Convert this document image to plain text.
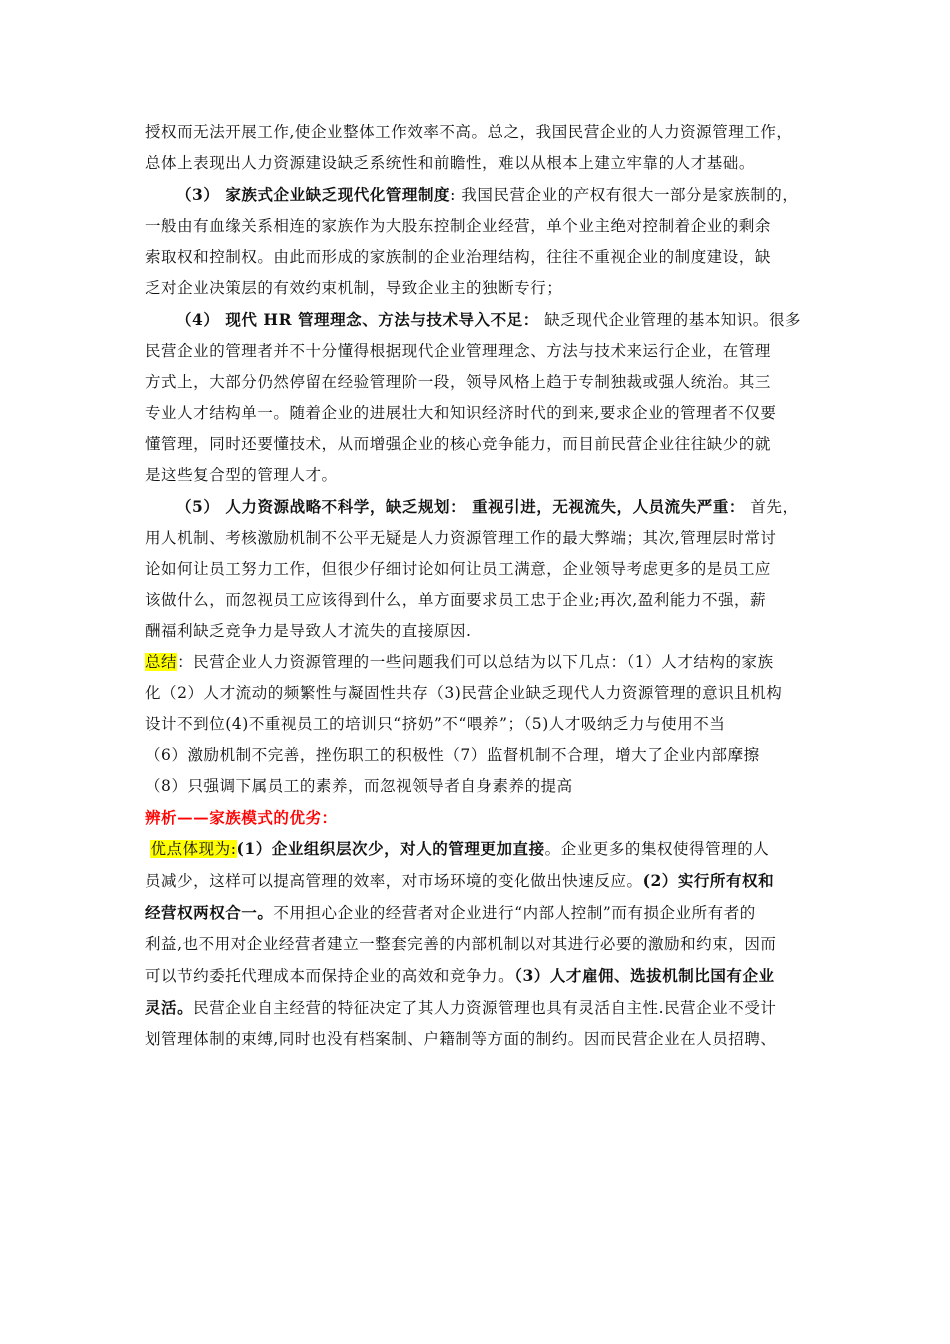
授权而无法开展工作,使企业整体工作效率不高。总之，我国民营企业的人力资源管理工作，
总体上表现出人力资源建设缺乏系统性和前瞻性，难以从根本上建立牢靠的人才基础。

（3） 家族式企业缺乏现代化管理制度: 我国民营企业的产权有很大一部分是家族制的，
一般由有血缘关系相连的家族作为大股东控制企业经营，单个业主绝对控制着企业的剩余
索取权和控制权。由此而形成的家族制的企业治理结构，往往不重视企业的制度建设，缺
乏对企业决策层的有效约束机制，导致企业主的独断专行；

（4） 现代 HR 管理理念、方法与技术导入不足： 缺乏现代企业管理的基本知识。很多
民营企业的管理者并不十分懂得根据现代企业管理理念、方法与技术来运行企业，在管理
方式上，大部分仍然停留在经验管理阶一段，领导风格上趋于专制独裁或强人统治。其三
专业人才结构单一。随着企业的进展壮大和知识经济时代的到来,要求企业的管理者不仅要
懂管理，同时还要懂技术，从而增强企业的核心竞争能力，而目前民营企业往往缺少的就
是这些复合型的管理人才。

（5） 人力资源战略不科学，缺乏规划： 重视引进，无视流失，人员流失严重： 首先，
用人机制、考核激励机制不公平无疑是人力资源管理工作的最大弊端；其次,管理层时常讨
论如何让员工努力工作，但很少仔细讨论如何让员工满意，企业领导考虑更多的是员工应
该做什么，而忽视员工应该得到什么，单方面要求员工忠于企业;再次,盈利能力不强，薪
酬福利缺乏竞争力是导致人才流失的直接原因.

总结：民营企业人力资源管理的一些问题我们可以总结为以下几点：（1）人才结构的家族
化（2）人才流动的频繁性与凝固性共存（3)民营企业缺乏现代人力资源管理的意识且机构
设计不到位(4)不重视员工的培训只“挤奶”不“喂养”；（5)人才吸纳乏力与使用不当
（6）激励机制不完善，挫伤职工的积极性（7）监督机制不合理，增大了企业内部摩擦
（8）只强调下属员工的素养，而忽视领导者自身素养的提高

辨析——家族模式的优劣：

优点体现为:(1）企业组织层次少，对人的管理更加直接。企业更多的集权使得管理的人
员减少，这样可以提高管理的效率，对市场环境的变化做出快速反应。(2）实行所有权和
经营权两权合一。不用担心企业的经营者对企业进行“内部人控制”而有损企业所有者的
利益,也不用对企业经营者建立一整套完善的内部机制以对其进行必要的激励和约束，因而
可以节约委托代理成本而保持企业的高效和竞争力。（3）人才雇佣、选拔机制比国有企业
灵活。民营企业自主经营的特征决定了其人力资源管理也具有灵活自主性.民营企业不受计
划管理体制的束缚,同时也没有档案制、户籍制等方面的制约。因而民营企业在人员招聘、
